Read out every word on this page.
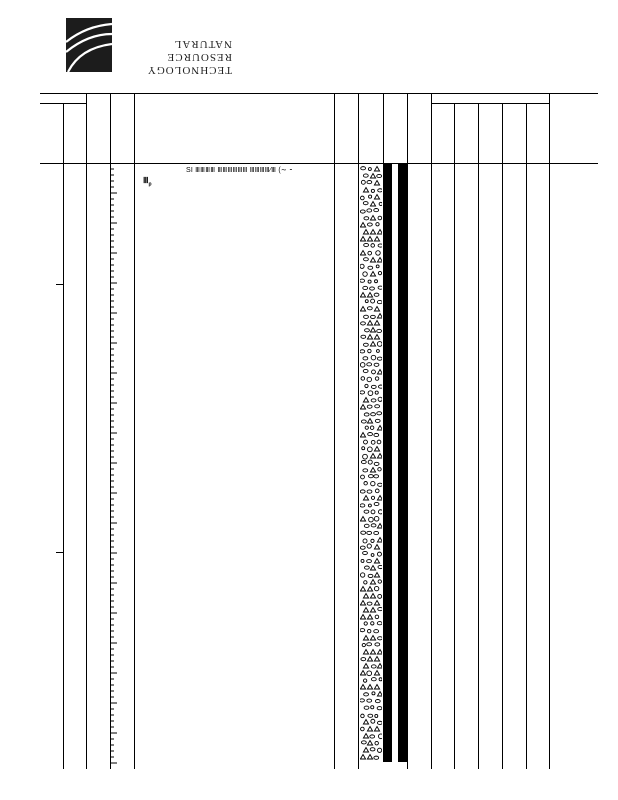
TECHNOLOGY
RESOURCE
NATURAL
SI ⅢⅢⅢⅢ ⅢⅢⅢⅢⅢⅢ ⅢⅢⅢⅢ⁄Ⅲ (∼ ⁃
$Ⅲ_p$
